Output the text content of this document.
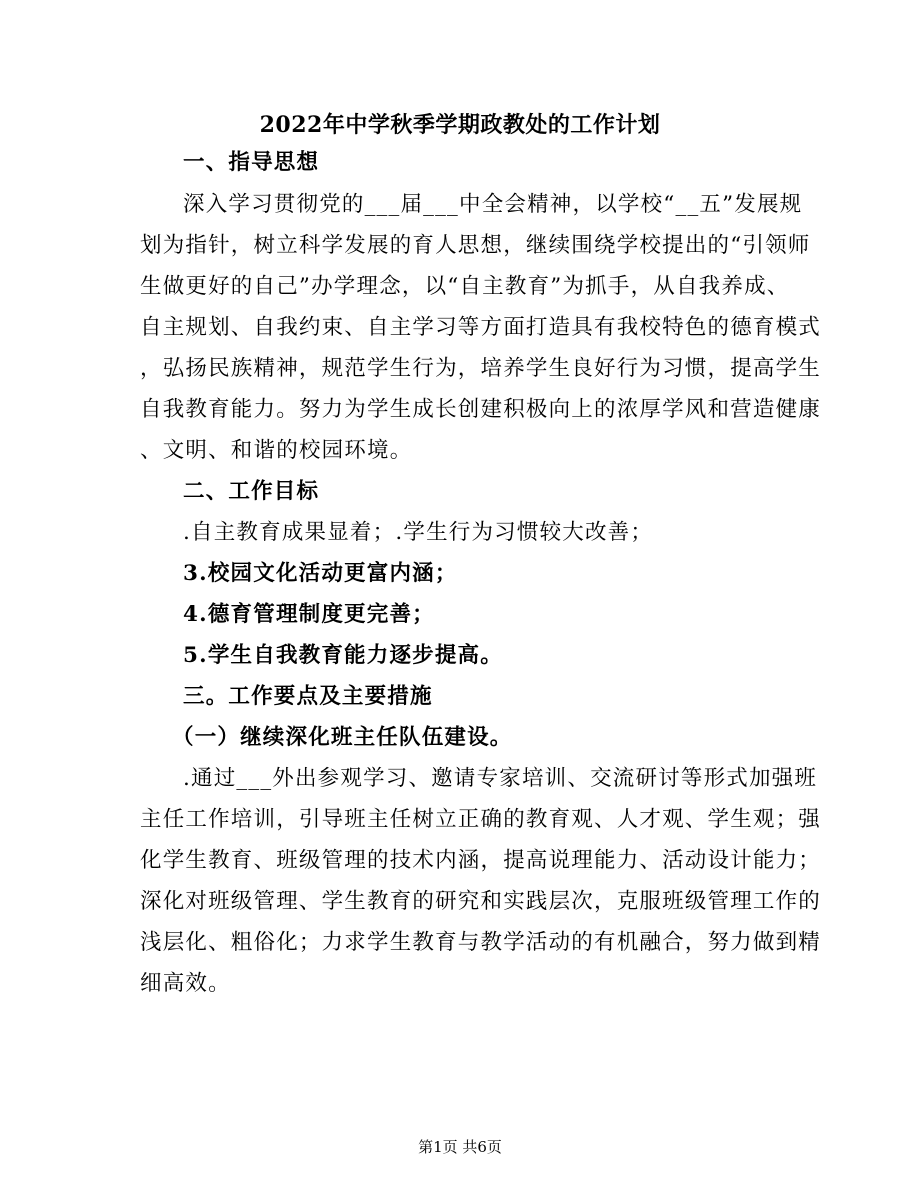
2022年中学秋季学期政教处的工作计划
一、指导思想
深入学习贯彻党的___届___中全会精神，以学校“__五”发展规
划为指针，树立科学发展的育人思想，继续围绕学校提出的“引领师
生做更好的自己”办学理念，以“自主教育”为抓手，从自我养成、
自主规划、自我约束、自主学习等方面打造具有我校特色的德育模式
，弘扬民族精神，规范学生行为，培养学生良好行为习惯，提高学生
自我教育能力。努力为学生成长创建积极向上的浓厚学风和营造健康
、文明、和谐的校园环境。
二、工作目标
.自主教育成果显着；.学生行为习惯较大改善；
3.校园文化活动更富内涵；
4.德育管理制度更完善；
5.学生自我教育能力逐步提高。
三。工作要点及主要措施
（一）继续深化班主任队伍建设。
.通过___外出参观学习、邀请专家培训、交流研讨等形式加强班
主任工作培训，引导班主任树立正确的教育观、人才观、学生观；强
化学生教育、班级管理的技术内涵，提高说理能力、活动设计能力；
深化对班级管理、学生教育的研究和实践层次，克服班级管理工作的
浅层化、粗俗化；力求学生教育与教学活动的有机融合，努力做到精
细高效。
第1页 共6页
